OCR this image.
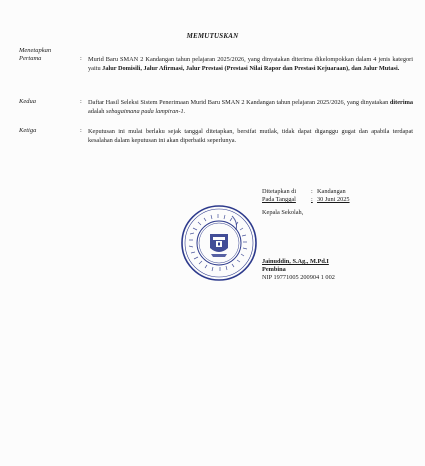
MEMUTUSKAN
Menetapkan
Pertama	: Murid Baru SMAN 2 Kandangan tahun pelajaran 2025/2026, yang dinyatakan diterima dikelompokkan dalam 4 jenis kategori yaitu Jalur Domisili, Jalur Afirmasi, Jalur Prestasi (Prestasi Nilai Rapor dan Prestasi Kejuaraan), dan Jalur Mutasi.
Kedua	: Daftar Hasil Seleksi Sistem Penerimaan Murid Baru SMAN 2 Kandangan tahun pelajaran 2025/2026, yang dinyatakan diterima adalah sebagaimana pada lampiran-1.
Ketiga	: Keputusan ini mulai berlaku sejak tanggal ditetapkan, bersifat mutlak, tidak dapat diganggu gugat dan apabila terdapat kesalahan dalam keputusan ini akan diperbaiki seperlunya.
Ditetapkan di : Kandangan
Pada Tanggal : 30 Juni 2025
Kepala Sekolah,
Jainuddin, S.Ag., M.Pd.I
Pembina
NIP 19771005 200904 1 002
